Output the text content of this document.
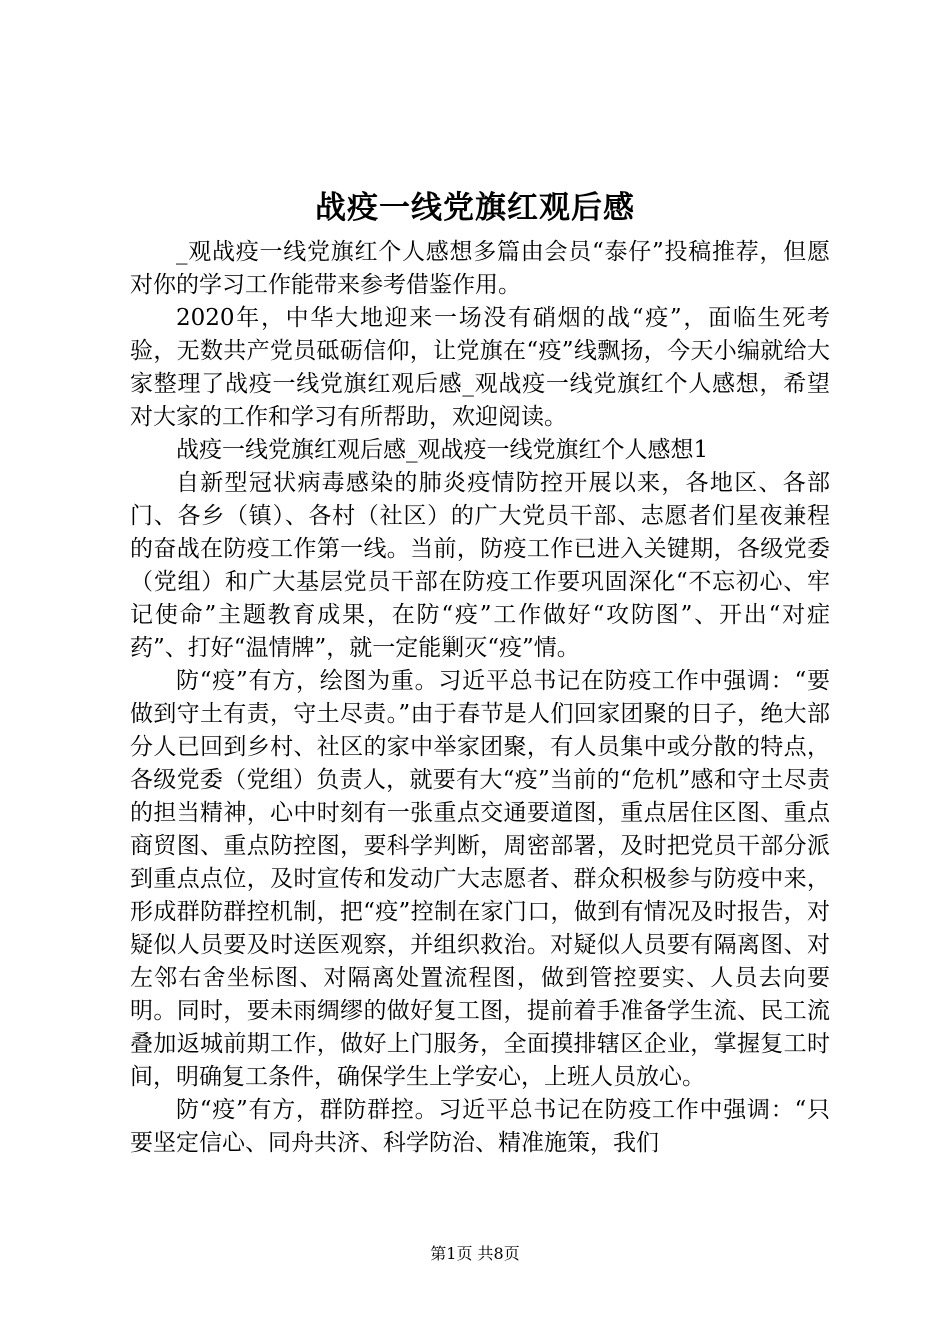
战疫一线党旗红观后感

_观战疫一线党旗红个人感想多篇由会员“泰仔”投稿推荐，但愿对你的学习工作能带来参考借鉴作用。

2020年，中华大地迎来一场没有硝烟的战“疫”，面临生死考验，无数共产党员砥砺信仰，让党旗在“疫”线飘扬，今天小编就给大家整理了战疫一线党旗红观后感_观战疫一线党旗红个人感想，希望对大家的工作和学习有所帮助，欢迎阅读。

战疫一线党旗红观后感_观战疫一线党旗红个人感想1

自新型冠状病毒感染的肺炎疫情防控开展以来，各地区、各部门、各乡（镇）、各村（社区）的广大党员干部、志愿者们星夜兼程的奋战在防疫工作第一线。当前，防疫工作已进入关键期，各级党委（党组）和广大基层党员干部在防疫工作要巩固深化“不忘初心、牢记使命”主题教育成果，在防“疫”工作做好“攻防图”、开出“对症药”、打好“温情牌”，就一定能剿灭“疫”情。

防“疫”有方，绘图为重。习近平总书记在防疫工作中强调：“要做到守土有责，守土尽责。”由于春节是人们回家团聚的日子，绝大部分人已回到乡村、社区的家中举家团聚，有人员集中或分散的特点，各级党委（党组）负责人，就要有大“疫”当前的“危机”感和守土尽责的担当精神，心中时刻有一张重点交通要道图，重点居住区图、重点商贸图、重点防控图，要科学判断，周密部署，及时把党员干部分派到重点点位，及时宣传和发动广大志愿者、群众积极参与防疫中来，形成群防群控机制，把“疫”控制在家门口，做到有情况及时报告，对疑似人员要及时送医观察，并组织救治。对疑似人员要有隔离图、对左邻右舍坐标图、对隔离处置流程图，做到管控要实、人员去向要明。同时，要未雨绸缪的做好复工图，提前着手准备学生流、民工流叠加返城前期工作，做好上门服务，全面摸排辖区企业，掌握复工时间，明确复工条件，确保学生上学安心，上班人员放心。

防“疫”有方，群防群控。习近平总书记在防疫工作中强调：“只要坚定信心、同舟共济、科学防治、精准施策，我们

第1页 共8页
